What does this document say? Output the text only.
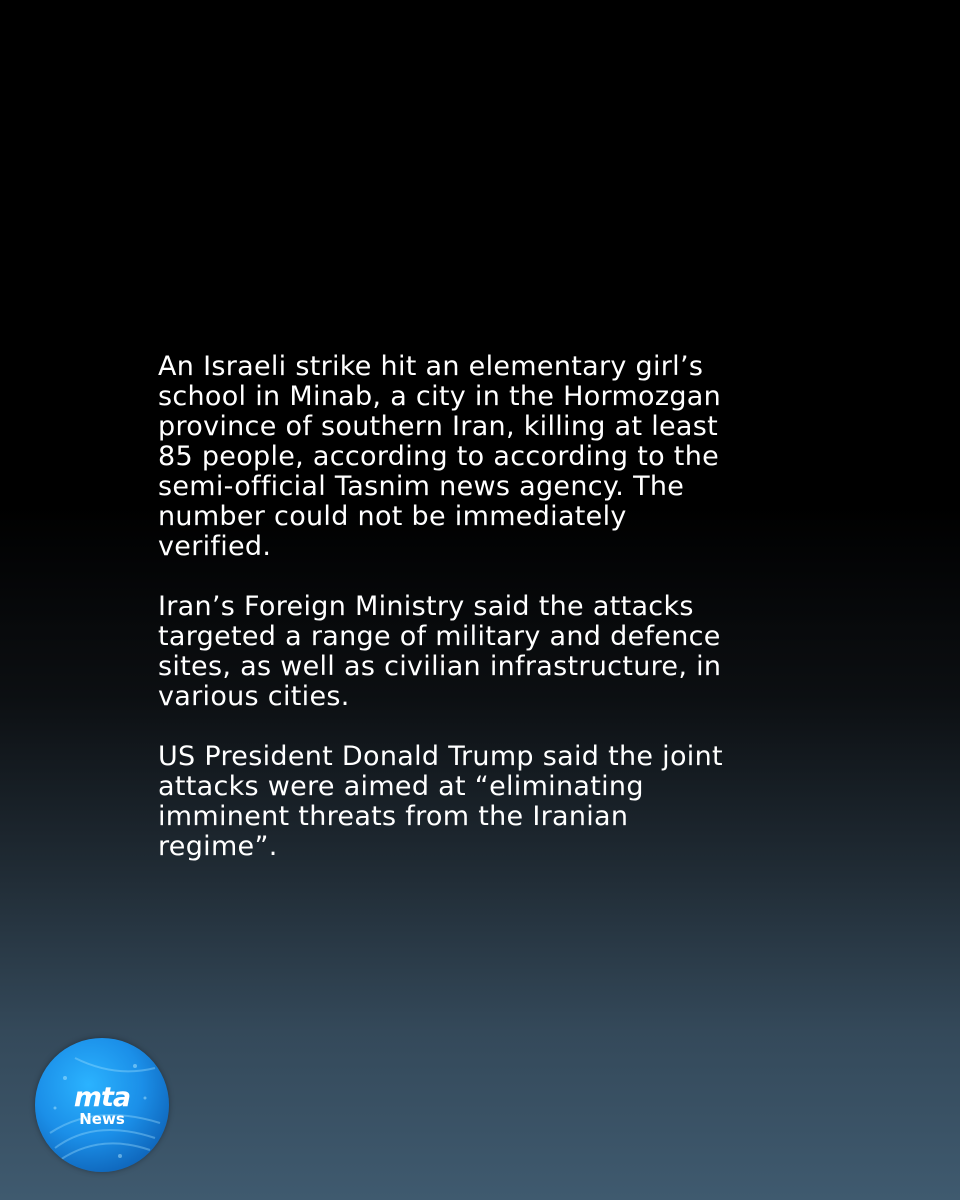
An Israeli strike hit an elementary girl’s
school in Minab, a city in the Hormozgan
province of southern Iran, killing at least
85 people, according to according to the
semi-official Tasnim news agency. The
number could not be immediately
verified.

Iran’s Foreign Ministry said the attacks
targeted a range of military and defence
sites, as well as civilian infrastructure, in
various cities.

US President Donald Trump said the joint
attacks were aimed at “eliminating
imminent threats from the Iranian
regime”.

mta
News
